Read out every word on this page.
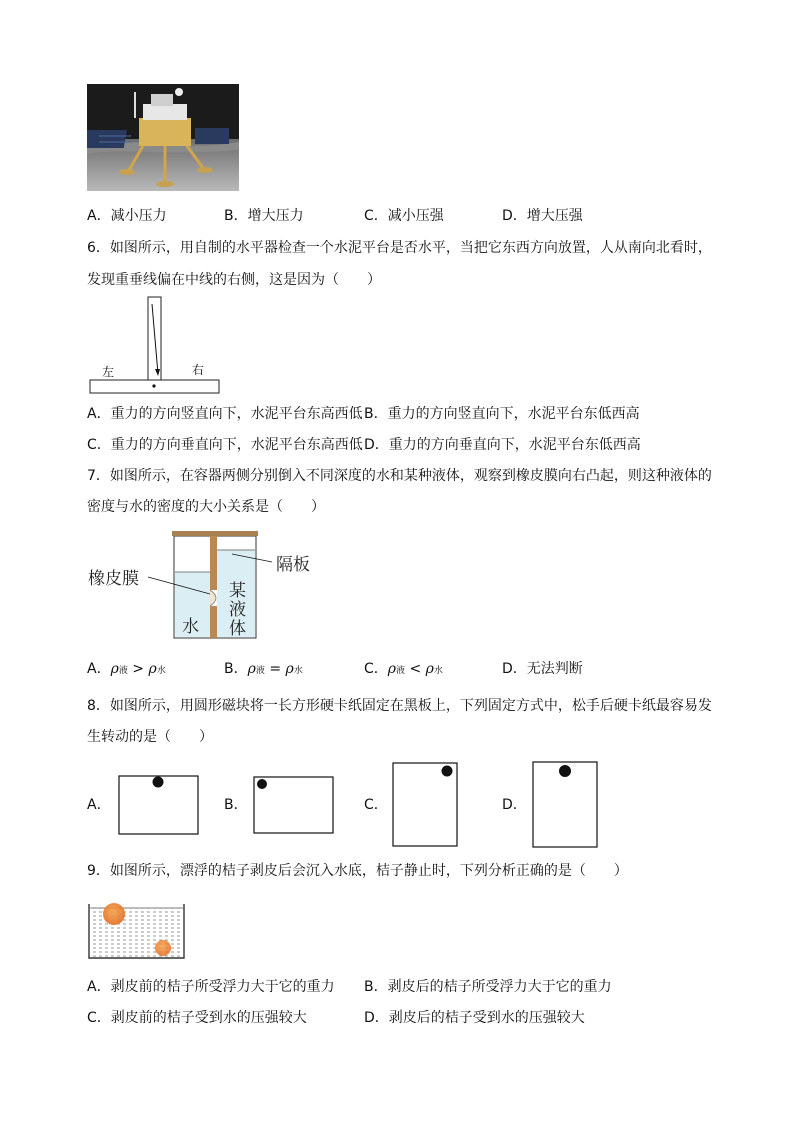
A．减小压力	B．增大压力	C．减小压强	D．增大压强
6．如图所示，用自制的水平器检查一个水泥平台是否水平，当把它东西方向放置，人从南向北看时，
发现重垂线偏在中线的右侧，这是因为（　　）
左	右
A．重力的方向竖直向下，水泥平台东高西低 B．重力的方向竖直向下，水泥平台东低西高
C．重力的方向垂直向下，水泥平台东高西低 D．重力的方向垂直向下，水泥平台东低西高
7．如图所示，在容器两侧分别倒入不同深度的水和某种液体，观察到橡皮膜向右凸起，则这种液体的
密度与水的密度的大小关系是（　　）
橡皮膜
隔板
水
某
液
体
A．ρ液 > ρ水	B．ρ液 = ρ水	C．ρ液 < ρ水	D．无法判断
8．如图所示，用圆形磁块将一长方形硬卡纸固定在黑板上，下列固定方式中，松手后硬卡纸最容易发
生转动的是（　　）
A．	B．	C．	D．
9．如图所示，漂浮的桔子剥皮后会沉入水底，桔子静止时，下列分析正确的是（　　）
A．剥皮前的桔子所受浮力大于它的重力 B．剥皮后的桔子所受浮力大于它的重力
C．剥皮前的桔子受到水的压强较大	D．剥皮后的桔子受到水的压强较大
